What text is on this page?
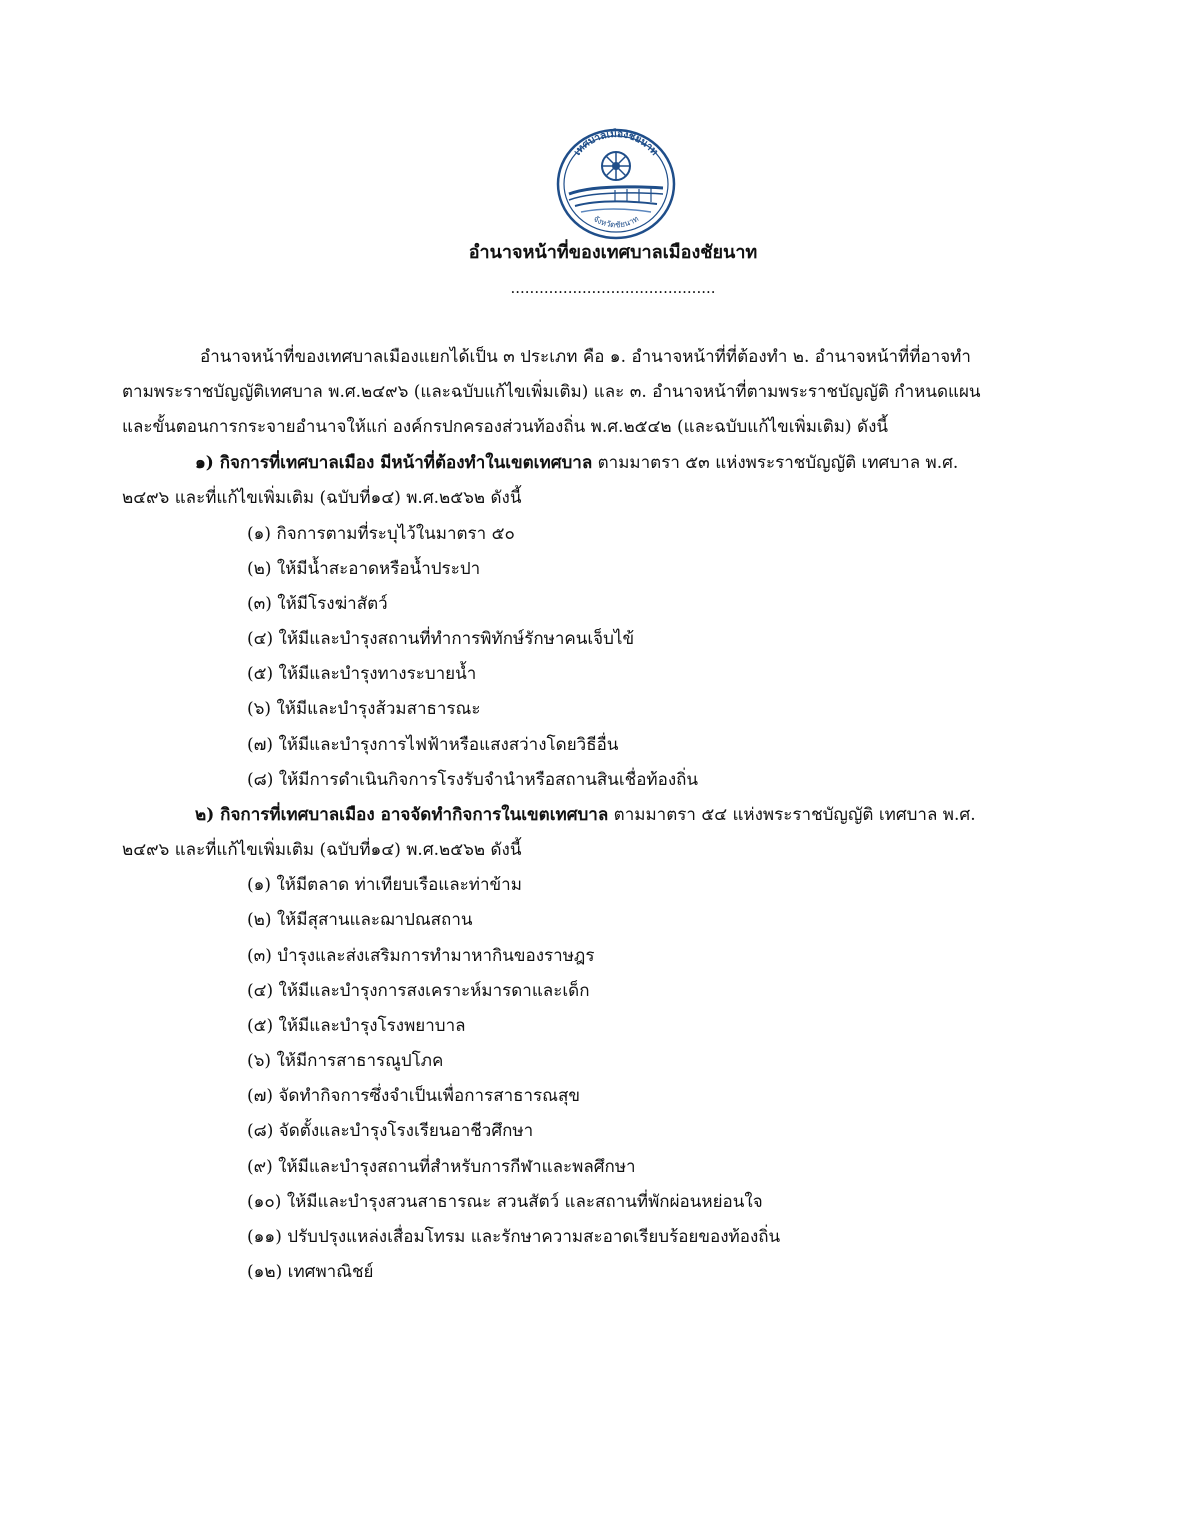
เทศบาลเมืองชัยนาท
จังหวัดชัยนาท
อำนาจหน้าที่ของเทศบาลเมืองชัยนาท
...........................................
อำนาจหน้าที่ของเทศบาลเมืองแยกได้เป็น ๓ ประเภท คือ ๑. อำนาจหน้าที่ที่ต้องทำ ๒. อำนาจหน้าที่ที่อาจทำ
ตามพระราชบัญญัติเทศบาล พ.ศ.๒๔๙๖ (และฉบับแก้ไขเพิ่มเติม) และ ๓. อำนาจหน้าที่ตามพระราชบัญญัติ กำหนดแผน
และขั้นตอนการกระจายอำนาจให้แก่ องค์กรปกครองส่วนท้องถิ่น พ.ศ.๒๕๔๒ (และฉบับแก้ไขเพิ่มเติม) ดังนี้
๑) กิจการที่เทศบาลเมือง มีหน้าที่ต้องทำในเขตเทศบาล ตามมาตรา ๕๓ แห่งพระราชบัญญัติ เทศบาล พ.ศ.
๒๔๙๖ และที่แก้ไขเพิ่มเติม (ฉบับที่๑๔) พ.ศ.๒๕๖๒ ดังนี้
(๑) กิจการตามที่ระบุไว้ในมาตรา ๕๐
(๒) ให้มีน้ำสะอาดหรือน้ำประปา
(๓) ให้มีโรงฆ่าสัตว์
(๔) ให้มีและบำรุงสถานที่ทำการพิทักษ์รักษาคนเจ็บไข้
(๕) ให้มีและบำรุงทางระบายน้ำ
(๖) ให้มีและบำรุงส้วมสาธารณะ
(๗) ให้มีและบำรุงการไฟฟ้าหรือแสงสว่างโดยวิธีอื่น
(๘) ให้มีการดำเนินกิจการโรงรับจำนำหรือสถานสินเชื่อท้องถิ่น
๒) กิจการที่เทศบาลเมือง อาจจัดทำกิจการในเขตเทศบาล ตามมาตรา ๕๔ แห่งพระราชบัญญัติ เทศบาล พ.ศ.
๒๔๙๖ และที่แก้ไขเพิ่มเติม (ฉบับที่๑๔) พ.ศ.๒๕๖๒ ดังนี้
(๑) ให้มีตลาด ท่าเทียบเรือและท่าข้าม
(๒) ให้มีสุสานและฌาปณสถาน
(๓) บำรุงและส่งเสริมการทำมาหากินของราษฎร
(๔) ให้มีและบำรุงการสงเคราะห์มารดาและเด็ก
(๕) ให้มีและบำรุงโรงพยาบาล
(๖) ให้มีการสาธารณูปโภค
(๗) จัดทำกิจการซึ่งจำเป็นเพื่อการสาธารณสุข
(๘) จัดตั้งและบำรุงโรงเรียนอาชีวศึกษา
(๙) ให้มีและบำรุงสถานที่สำหรับการกีฬาและพลศึกษา
(๑๐) ให้มีและบำรุงสวนสาธารณะ สวนสัตว์ และสถานที่พักผ่อนหย่อนใจ
(๑๑) ปรับปรุงแหล่งเสื่อมโทรม และรักษาความสะอาดเรียบร้อยของท้องถิ่น
(๑๒) เทศพาณิชย์
